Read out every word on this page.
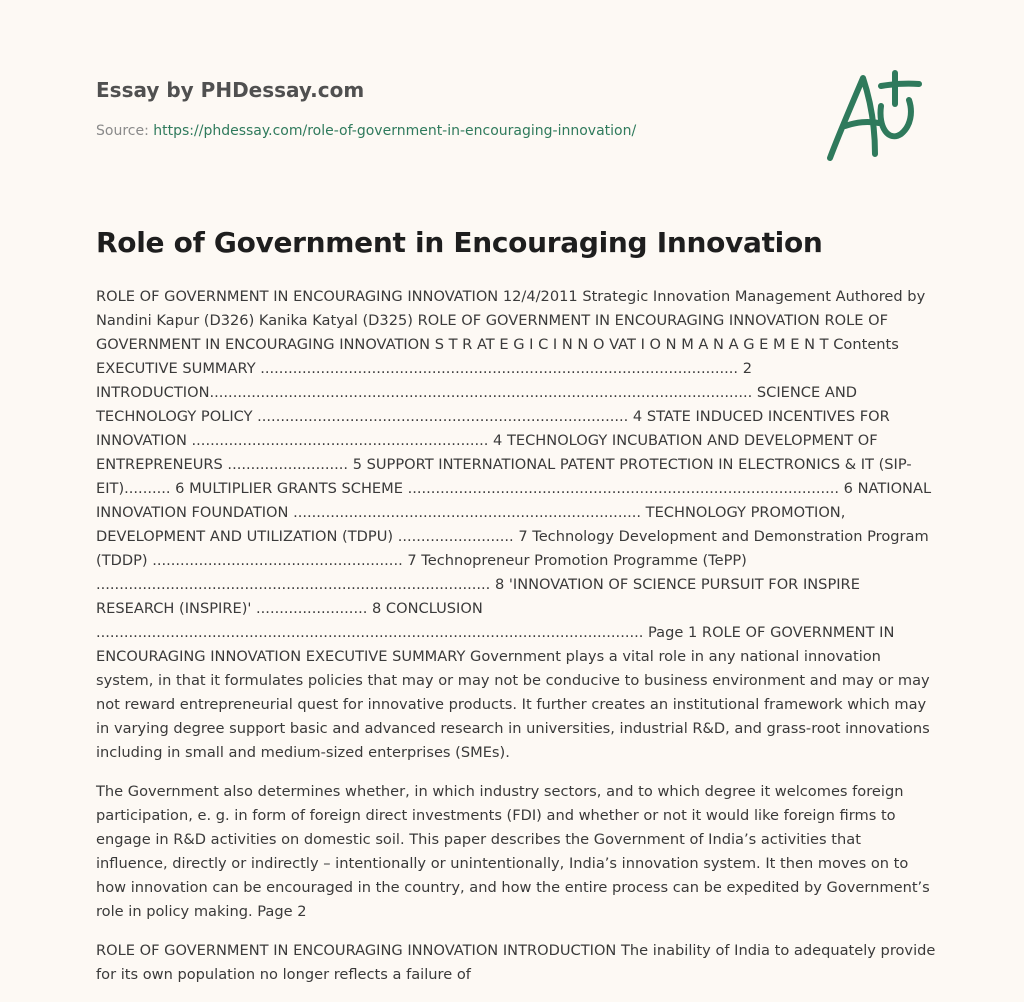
Essay by PHDessay.com
Source: https://phdessay.com/role-of-government-in-encouraging-innovation/
Role of Government in Encouraging Innovation

ROLE OF GOVERNMENT IN ENCOURAGING INNOVATION 12/4/2011 Strategic Innovation Management Authored by Nandini Kapur (D326) Kanika Katyal (D325) ROLE OF GOVERNMENT IN ENCOURAGING INNOVATION ROLE OF GOVERNMENT IN ENCOURAGING INNOVATION S T R AT E G I C I N N O VAT I O N M A N A G E M E N T Contents EXECUTIVE SUMMARY ....................................................................................................... 2 INTRODUCTION..................................................................................................................... SCIENCE AND TECHNOLOGY POLICY ................................................................................ 4 STATE INDUCED INCENTIVES FOR INNOVATION ................................................................ 4 TECHNOLOGY INCUBATION AND DEVELOPMENT OF ENTREPRENEURS .......................... 5 SUPPORT INTERNATIONAL PATENT PROTECTION IN ELECTRONICS & IT (SIP-EIT).......... 6 MULTIPLIER GRANTS SCHEME ............................................................................................. 6 NATIONAL INNOVATION FOUNDATION ........................................................................... TECHNOLOGY PROMOTION, DEVELOPMENT AND UTILIZATION (TDPU) ......................... 7 Technology Development and Demonstration Program (TDDP) ...................................................... 7 Technopreneur Promotion Programme (TePP) ..................................................................................... 8 'INNOVATION OF SCIENCE PURSUIT FOR INSPIRE RESEARCH (INSPIRE)' ........................ 8 CONCLUSION ...................................................................................................................... Page 1 ROLE OF GOVERNMENT IN ENCOURAGING INNOVATION EXECUTIVE SUMMARY Government plays a vital role in any national innovation system, in that it formulates policies that may or may not be conducive to business environment and may or may not reward entrepreneurial quest for innovative products. It further creates an institutional framework which may in varying degree support basic and advanced research in universities, industrial R&D, and grass-root innovations including in small and medium-sized enterprises (SMEs).

The Government also determines whether, in which industry sectors, and to which degree it welcomes foreign participation, e. g. in form of foreign direct investments (FDI) and whether or not it would like foreign firms to engage in R&D activities on domestic soil. This paper describes the Government of India’s activities that influence, directly or indirectly – intentionally or unintentionally, India’s innovation system. It then moves on to how innovation can be encouraged in the country, and how the entire process can be expedited by Government’s role in policy making. Page 2

ROLE OF GOVERNMENT IN ENCOURAGING INNOVATION INTRODUCTION The inability of India to adequately provide for its own population no longer reflects a failure of
